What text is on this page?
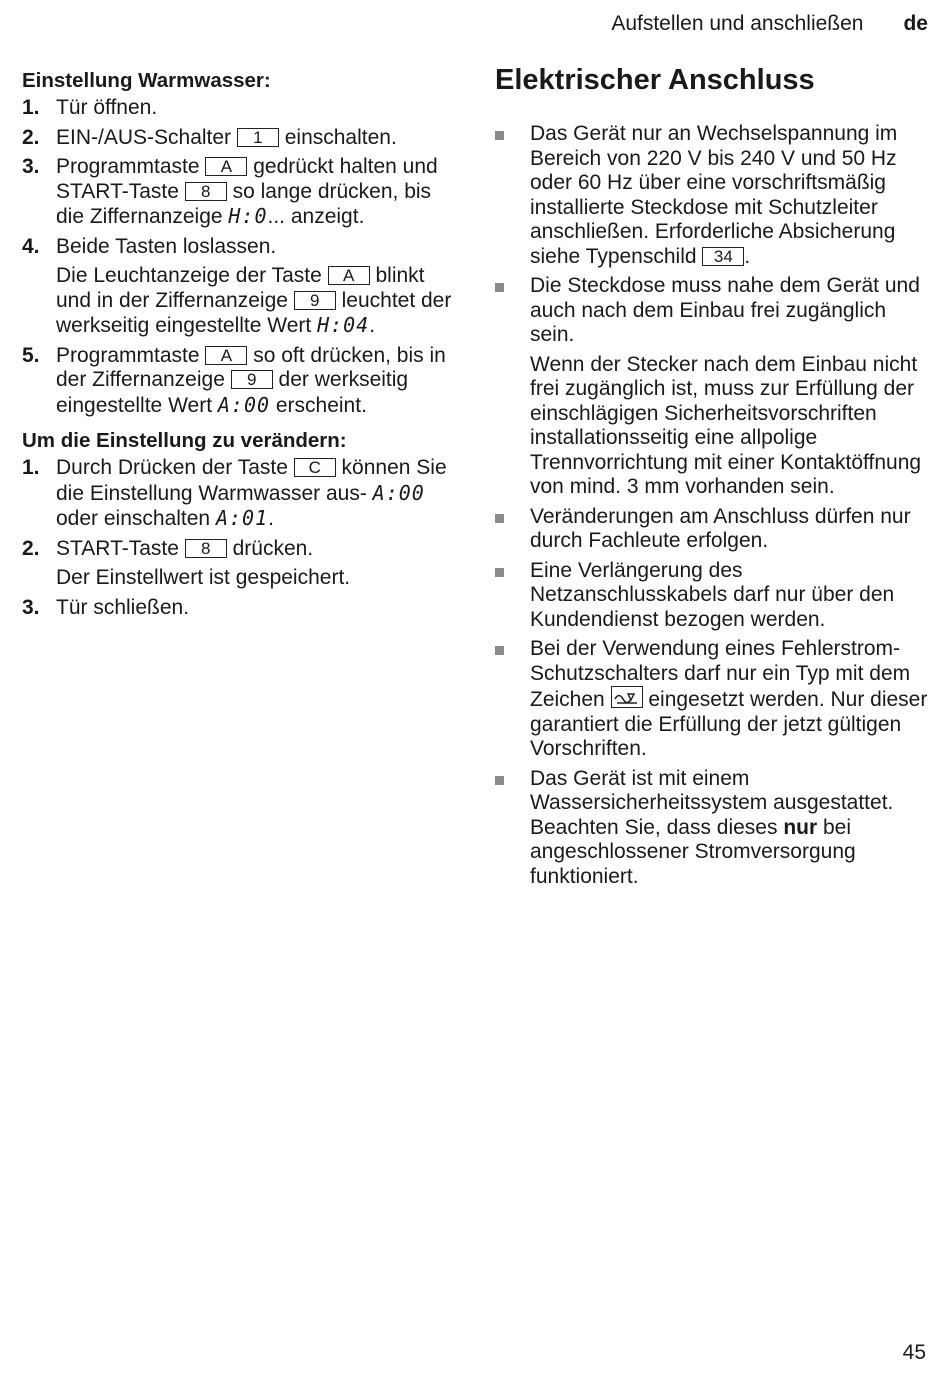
Aufstellen und anschließen de
Einstellung Warmwasser:
1. Tür öffnen.
2. EIN-/AUS-Schalter 1 einschalten.
3. Programmtaste A gedrückt halten und START-Taste 8 so lange drücken, bis die Ziffernanzeige H:0... anzeigt.
4. Beide Tasten loslassen.
Die Leuchtanzeige der Taste A blinkt und in der Ziffernanzeige 9 leuchtet der werkseitig eingestellte Wert H:04.
5. Programmtaste A so oft drücken, bis in der Ziffernanzeige 9 der werkseitig eingestellte Wert A:00 erscheint.
Um die Einstellung zu verändern:
1. Durch Drücken der Taste C können Sie die Einstellung Warmwasser aus- A:00 oder einschalten A:01.
2. START-Taste 8 drücken.
Der Einstellwert ist gespeichert.
3. Tür schließen.
Elektrischer Anschluss
Das Gerät nur an Wechselspannung im Bereich von 220 V bis 240 V und 50 Hz oder 60 Hz über eine vorschriftsmäßig installierte Steckdose mit Schutzleiter anschließen. Erforderliche Absicherung siehe Typenschild 34 .
Die Steckdose muss nahe dem Gerät und auch nach dem Einbau frei zugänglich sein.
Wenn der Stecker nach dem Einbau nicht frei zugänglich ist, muss zur Erfüllung der einschlägigen Sicherheitsvorschriften installationsseitig eine allpolige Trennvorrichtung mit einer Kontaktöffnung von mind. 3 mm vorhanden sein.
Veränderungen am Anschluss dürfen nur durch Fachleute erfolgen.
Eine Verlängerung des Netzanschlusskabels darf nur über den Kundendienst bezogen werden.
Bei der Verwendung eines Fehlerstrom-Schutzschalters darf nur ein Typ mit dem Zeichen
eingesetzt werden. Nur dieser garantiert die Erfüllung der jetzt gültigen Vorschriften.
Das Gerät ist mit einem Wassersicherheitssystem ausgestattet. Beachten Sie, dass dieses nur bei angeschlossener Stromversorgung funktioniert.
45
